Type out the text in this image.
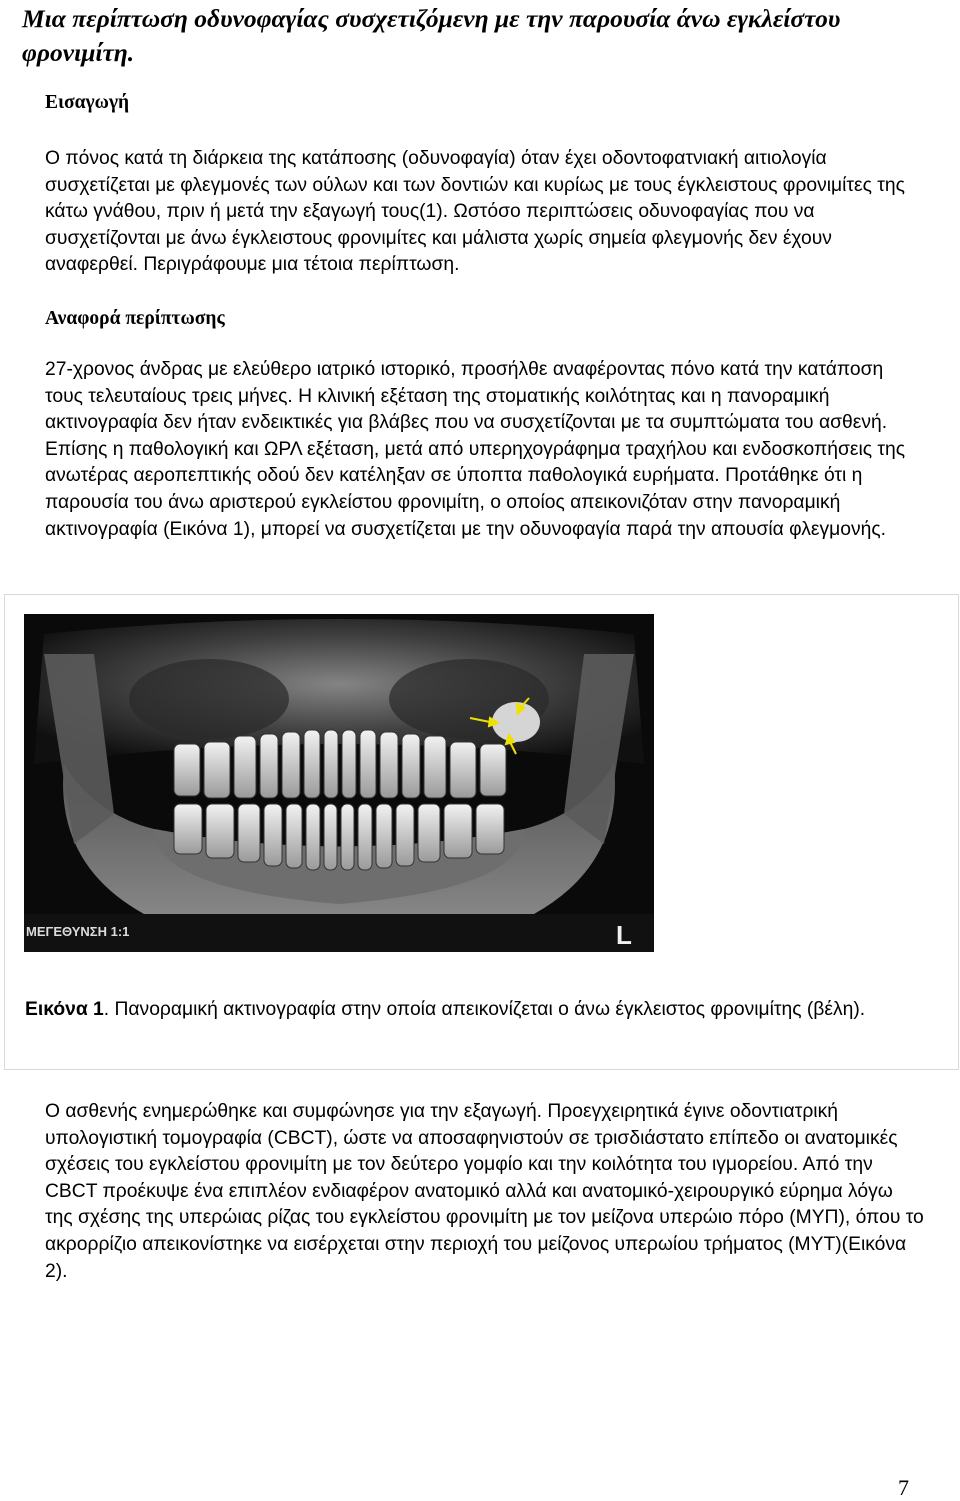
Μια περίπτωση οδυνοφαγίας συσχετιζόμενη με την παρουσία άνω εγκλείστου φρονιμίτη.
Εισαγωγή

Ο πόνος κατά τη διάρκεια της κατάποσης (οδυνοφαγία) όταν έχει οδοντοφατνιακή αιτιολογία συσχετίζεται με φλεγμονές των ούλων και των δοντιών και κυρίως με τους έγκλειστους φρονιμίτες της κάτω γνάθου, πριν ή μετά την εξαγωγή τους(1). Ωστόσο περιπτώσεις οδυνοφαγίας που να συσχετίζονται με άνω έγκλειστους φρονιμίτες και μάλιστα χωρίς σημεία φλεγμονής δεν έχουν αναφερθεί. Περιγράφουμε μια τέτοια περίπτωση.

Αναφορά περίπτωσης

27-χρονος άνδρας με ελεύθερο ιατρικό ιστορικό, προσήλθε αναφέροντας πόνο κατά την κατάποση τους τελευταίους τρεις μήνες. Η κλινική εξέταση της στοματικής κοιλότητας και η πανοραμική ακτινογραφία δεν ήταν ενδεικτικές για βλάβες που να συσχετίζονται με τα συμπτώματα του ασθενή. Επίσης η παθολογική και ΩΡΛ εξέταση, μετά από υπερηχογράφημα τραχήλου και ενδοσκοπήσεις της ανωτέρας αεροπεπτικής οδού δεν κατέληξαν σε ύποπτα παθολογικά ευρήματα. Προτάθηκε ότι η παρουσία του άνω αριστερού εγκλείστου φρονιμίτη, ο οποίος απεικονιζόταν στην πανοραμική ακτινογραφία (Εικόνα 1), μπορεί να συσχετίζεται με την οδυνοφαγία παρά την απουσία φλεγμονής.

ΜΕΓΕΘΥΝΣΗ 1:1	L

Εικόνα 1. Πανοραμική ακτινογραφία στην οποία απεικονίζεται ο άνω έγκλειστος φρονιμίτης (βέλη).

Ο ασθενής ενημερώθηκε και συμφώνησε για την εξαγωγή. Προεγχειρητικά έγινε οδοντιατρική υπολογιστική τομογραφία (CBCT), ώστε να αποσαφηνιστούν σε τρισδιάστατο επίπεδο οι ανατομικές σχέσεις του εγκλείστου φρονιμίτη με τον δεύτερο γομφίο και την κοιλότητα του ιγμορείου. Από την CBCT προέκυψε ένα επιπλέον ενδιαφέρον ανατομικό αλλά και ανατομικό-χειρουργικό εύρημα λόγω της σχέσης της υπερώιας ρίζας του εγκλείστου φρονιμίτη με τον μείζονα υπερώιο πόρο (ΜΥΠ), όπου το ακρορρίζιο απεικονίστηκε να εισέρχεται στην περιοχή του μείζονος υπερωίου τρήματος (ΜΥΤ)(Εικόνα 2).

7
